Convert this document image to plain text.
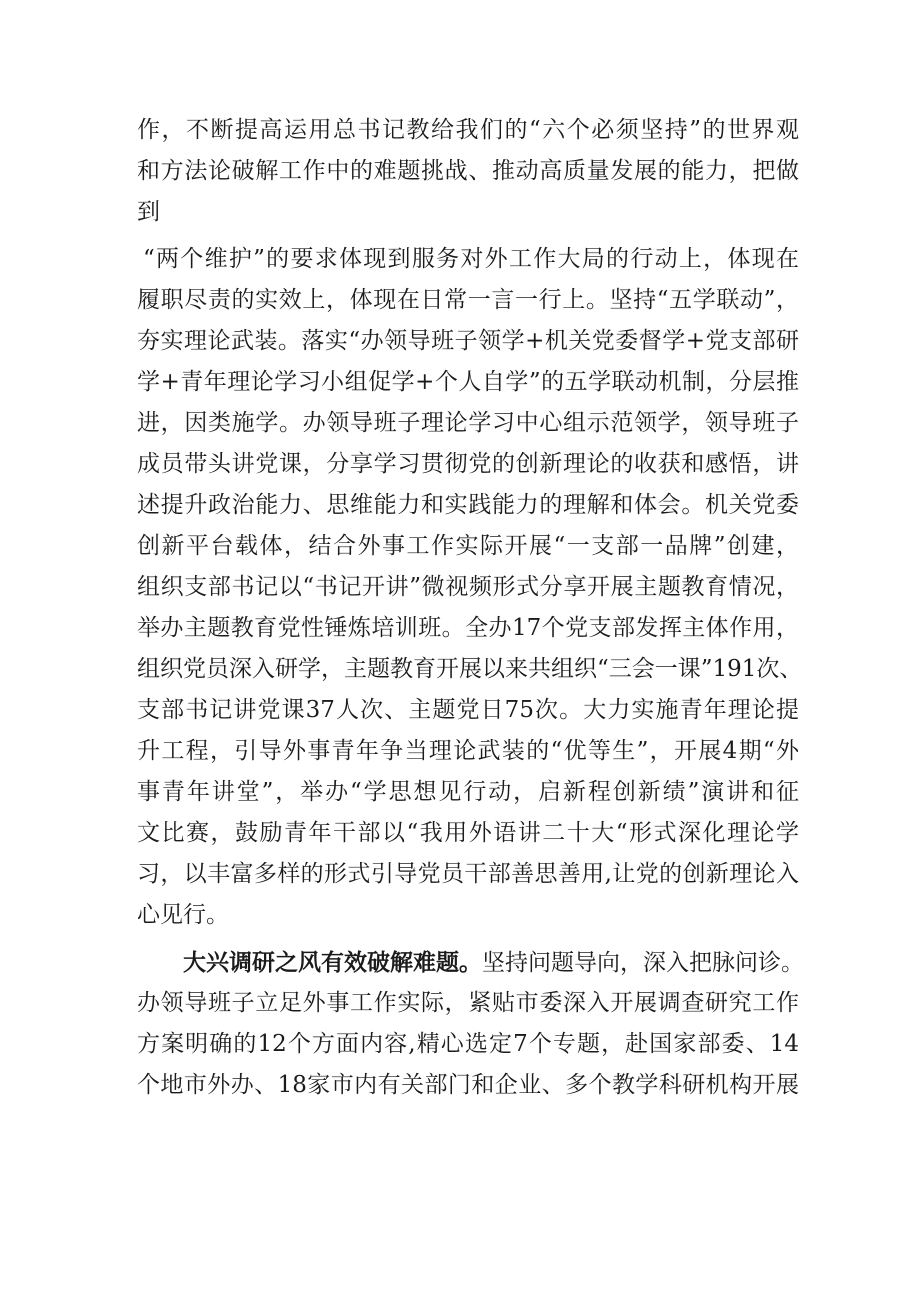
作，不断提高运用总书记教给我们的“六个必须坚持”的世界观
和方法论破解工作中的难题挑战、推动高质量发展的能力，把做
到
“两个维护”的要求体现到服务对外工作大局的行动上，体现在
履职尽责的实效上，体现在日常一言一行上。坚持“五学联动”，
夯实理论武装。落实“办领导班子领学+机关党委督学+党支部研
学+青年理论学习小组促学+个人自学”的五学联动机制，分层推
进，因类施学。办领导班子理论学习中心组示范领学，领导班子
成员带头讲党课，分享学习贯彻党的创新理论的收获和感悟，讲
述提升政治能力、思维能力和实践能力的理解和体会。机关党委
创新平台载体，结合外事工作实际开展“一支部一品牌”创建，
组织支部书记以“书记开讲”微视频形式分享开展主题教育情况，
举办主题教育党性锤炼培训班。全办17个党支部发挥主体作用，
组织党员深入研学，主题教育开展以来共组织“三会一课”191次、
支部书记讲党课37人次、主题党日75次。大力实施青年理论提
升工程，引导外事青年争当理论武装的“优等生”，开展4期“外
事青年讲堂”，举办“学思想见行动，启新程创新绩”演讲和征
文比赛，鼓励青年干部以“我用外语讲二十大“形式深化理论学
习，以丰富多样的形式引导党员干部善思善用,让党的创新理论入
心见行。
大兴调研之风有效破解难题。坚持问题导向，深入把脉问诊。
办领导班子立足外事工作实际，紧贴市委深入开展调查研究工作
方案明确的12个方面内容,精心选定7个专题，赴国家部委、14
个地市外办、18家市内有关部门和企业、多个教学科研机构开展
